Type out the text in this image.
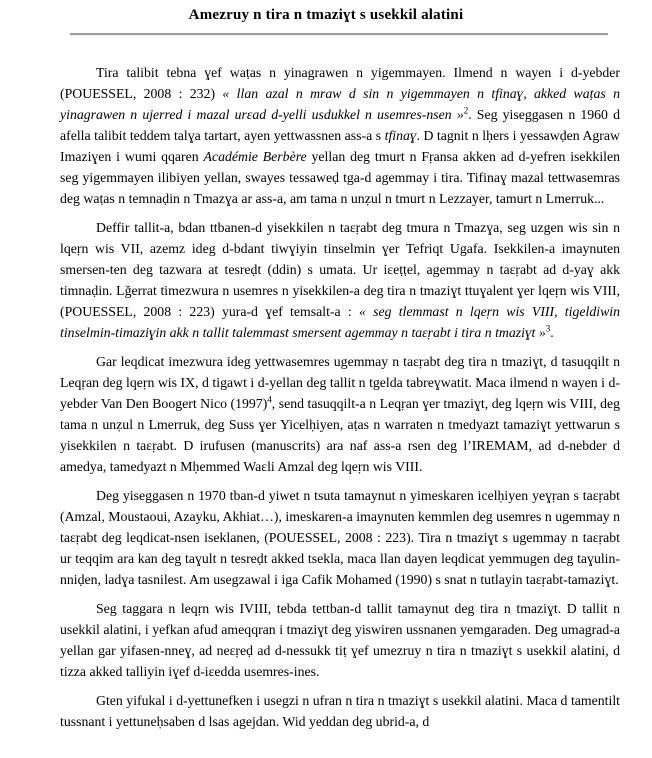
Amezruy n tira n tmaziɣt s usekkil alatini

Tira talibit tebna ɣef waṭas n yinagrawen n yigemmayen. Ilmend n wayen i d-yebder (POUESSEL, 2008 : 232) « llan azal n mraw d sin n yigemmayen n tfinaɣ, akked waṭas n yinagrawen n ujerred i mazal urɛad d-yelli usdukkel n usemres-nsen »$^2$. Seg yiseggasen n 1960 d afella talibit teddem talɣa tartart, ayen yettwassnen ass-a s tfinaɣ. D tagnit n lḥers i yessawḍen Agraw Imaziɣen i wumi qqaren Académie Berbère yellan deg tmurt n Fṛansa akken ad d-yefren isekkilen seg yigemmayen ilibiyen yellan, swayes tessaweḍ tga-d agemmay i tira. Tifinaɣ mazal tettwasemras deg waṭas n temnaḍin n Tmazɣa ar ass-a, am tama n unẓul n tmurt n Lezzayer, tamurt n Lmerruk...

Deffir tallit-a, bdan ttbanen-d yisekkilen n taɛṛabt deg tmura n Tmazɣa, seg uzgen wis sin n lqeṛn wis VII, azemz ideg d-bdant tiwɣiyin tinselmin ɣer Tefriqt Ugafa. Isekkilen-a imaynuten smersen-ten deg tazwara at tesreḍt (ddin) s umata. Ur iɛeṭṭel, agemmay n taɛṛabt ad d-yaɣ akk timnaḍin. Lǧerrat timezwura n usemres n yisekkilen-a deg tira n tmaziɣt ttuɣalent ɣer lqeṛn wis VIII, (POUESSEL, 2008 : 223) yura-d ɣef temsalt-a : « seg tlemmast n lqeṛn wis VIII, tigeldiwin tinselmin-timaziɣin akk n tallit talemmast smersent agemmay n taɛṛabt i tira n tmaziɣt »$^3$.

Gar leqdicat imezwura ideg yettwasemres ugemmay n taɛṛabt deg tira n tmaziɣt, d tasuqqilt n Leqṛan deg lqeṛn wis IX, d tigawt i d-yellan deg tallit n tgelda tabreɣwatit. Maca ilmend n wayen i d-yebder Van Den Boogert Nico $(1997)^4$, send tasuqqilt-a n Leqṛan ɣer tmaziɣt, deg lqeṛn wis VIII, deg tama n unẓul n Lmerruk, deg Suss ɣer Yicelḥiyen, aṭas n warraten n tmedyazt tamaziɣt yettwarun s yisekkilen n taɛṛabt. D irufusen (manuscrits) ara naf ass-a rsen deg l’IREMAM, ad d-nebder d amedya, tamedyazt n Mḥemmed Waɛli Amzal deg lqeṛn wis VIII.

Deg yiseggasen n 1970 tban-d yiwet n tsuta tamaynut n yimeskaren icelḥiyen yeɣṛan s taɛṛabt (Amzal, Moustaoui, Azayku, Akhiat…), imeskaren-a imaynuten kemmlen deg usemres n ugemmay n taɛṛabt deg leqdicat-nsen iseklanen, (POUESSEL, 2008 : 223). Tira n tmaziɣt s ugemmay n taɛṛabt ur teqqim ara kan deg taɣult n tesreḍt akked tsekla, maca llan dayen leqdicat yemmugen deg taɣulin-nniḍen, ladɣa tasnilest. Am usegzawal i iga Cafik Mohamed (1990) s snat n tutlayin taɛṛabt-tamaziɣt.

Seg taggara n leqṛn wis IVIII, tebda tettban-d tallit tamaynut deg tira n tmaziɣt. D tallit n usekkil alatini, i yefkan afud ameqqran i tmaziɣt deg yiswiren ussnanen yemgaraden. Deg umagrad-a yellan gar yifasen-nneɣ, ad neɛṛeḍ ad d-nessukk tiṭ ɣef umezruy n tira n tmaziɣt s usekkil alatini, d tizza akked talliyin iɣef d-iɛedda usemres-ines.

Gten yifukal i d-yettunefken i usegzi n ufran n tira n tmaziɣt s usekkil alatini. Maca d tamentilt tussnant i yettuneḥsaben d lsas agejdan. Wid yeddan deg ubrid-a, d
